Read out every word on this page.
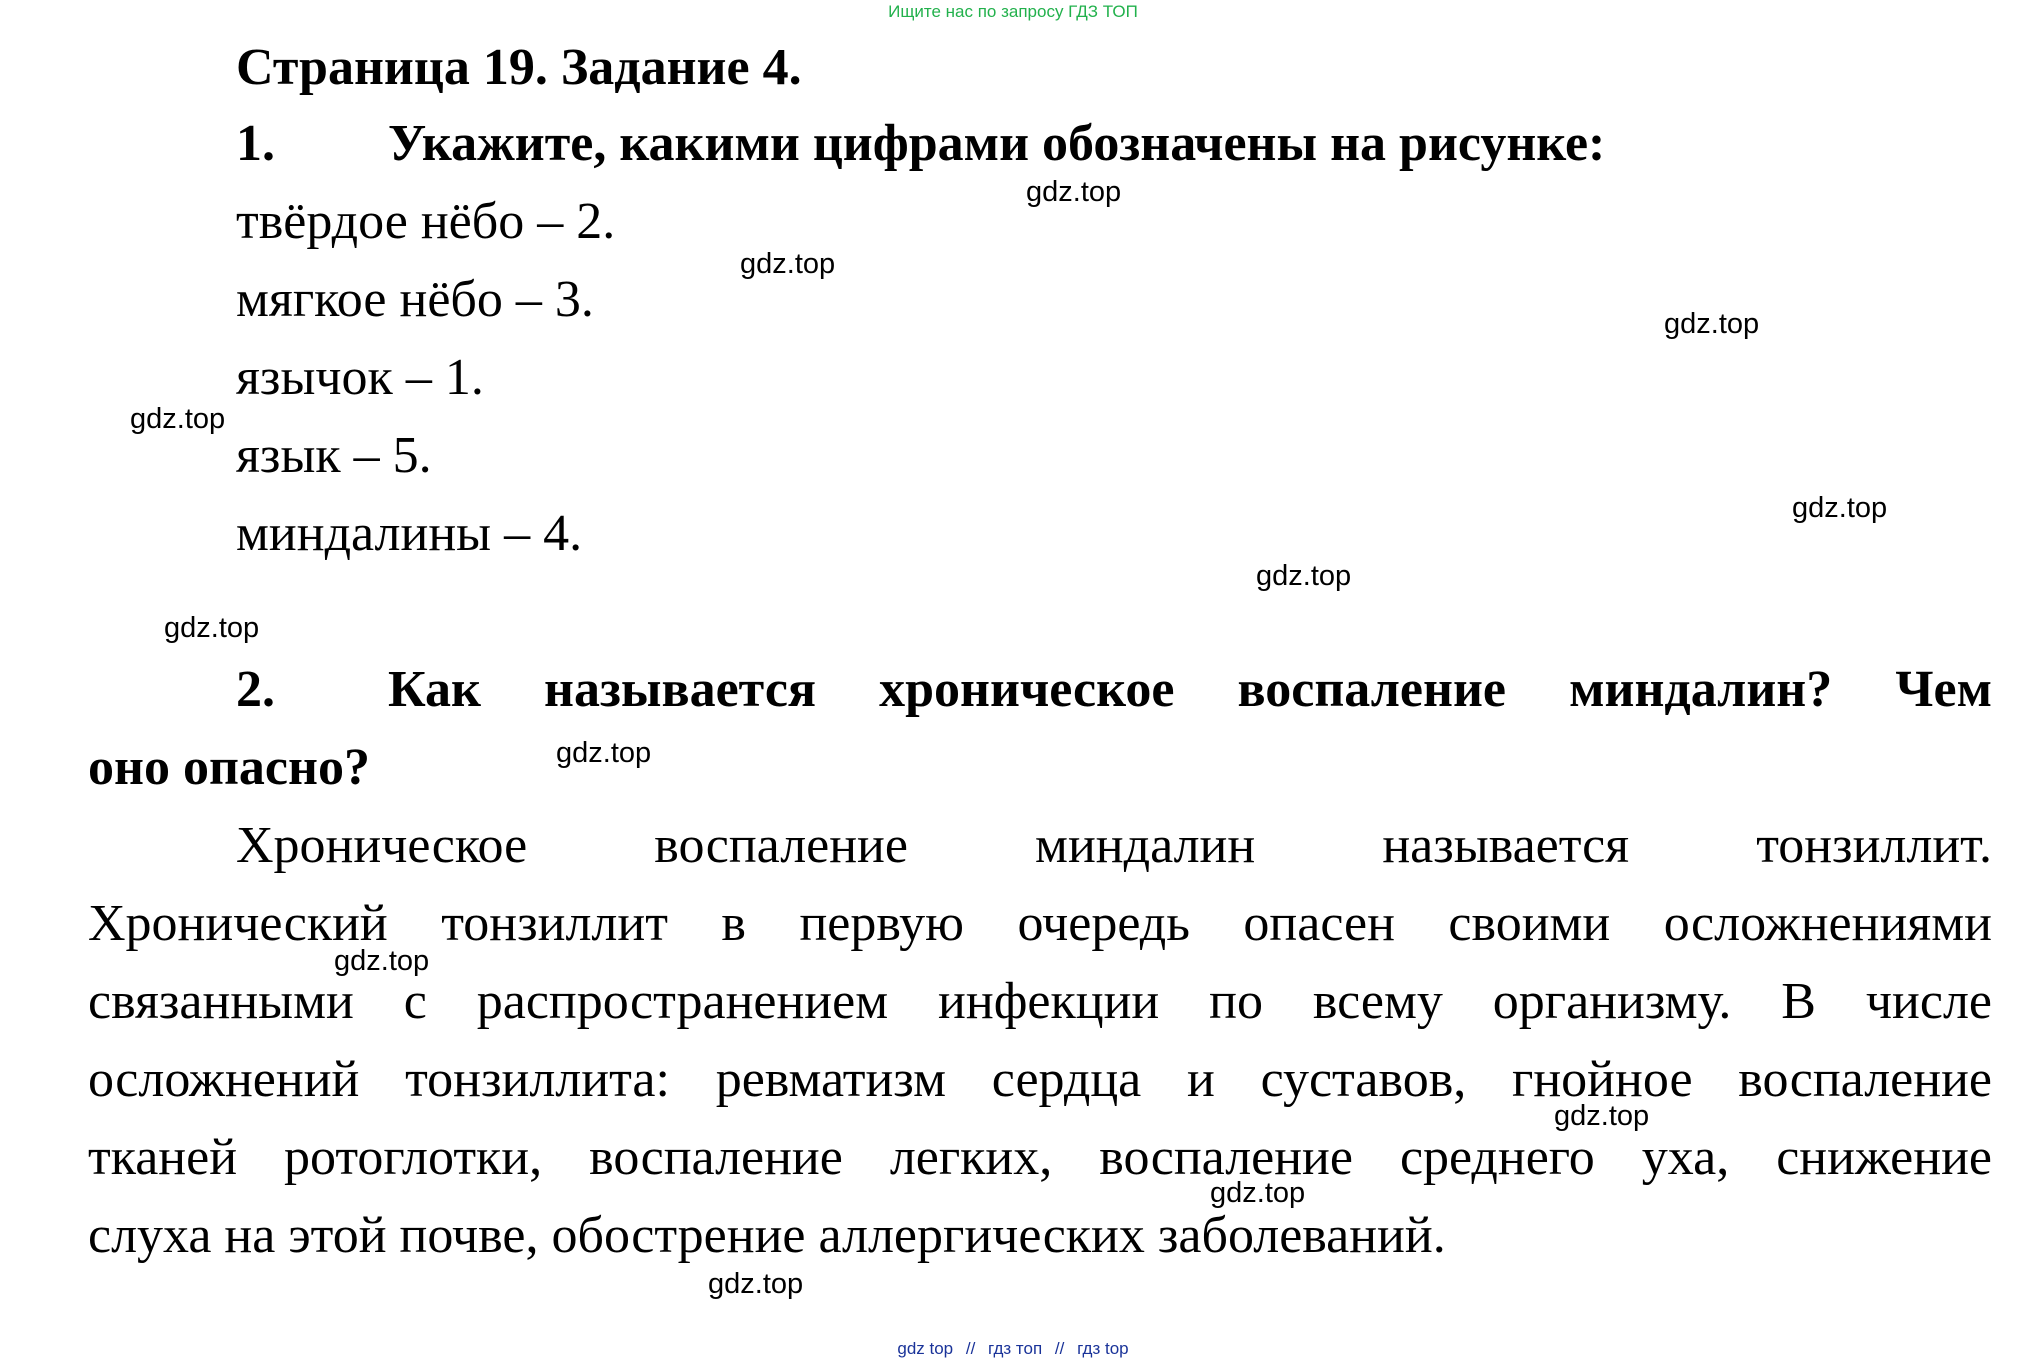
Ищите нас по запросу ГДЗ ТОП
Страница 19. Задание 4.
1. Укажите, какими цифрами обозначены на рисунке:
твёрдое нёбо – 2.
мягкое нёбо – 3.
язычок – 1.
язык – 5.
миндалины – 4.
2.	Как называется хроническое воспаление миндалин? Чем
оно опасно?
Хроническое воспаление миндалин называется тонзиллит.
Хронический тонзиллит в первую очередь опасен своими осложнениями
связанными с распространением инфекции по всему организму. В числе
осложнений тонзиллита: ревматизм сердца и суставов, гнойное воспаление
тканей ротоглотки, воспаление легких, воспаление среднего уха, снижение
слуха на этой почве, обострение аллергических заболеваний.
gdz.top
gdz.top
gdz.top
gdz.top
gdz.top
gdz.top
gdz.top
gdz.top
gdz.top
gdz.top
gdz.top
gdz.top
gdz top // гдз топ // гдз top
